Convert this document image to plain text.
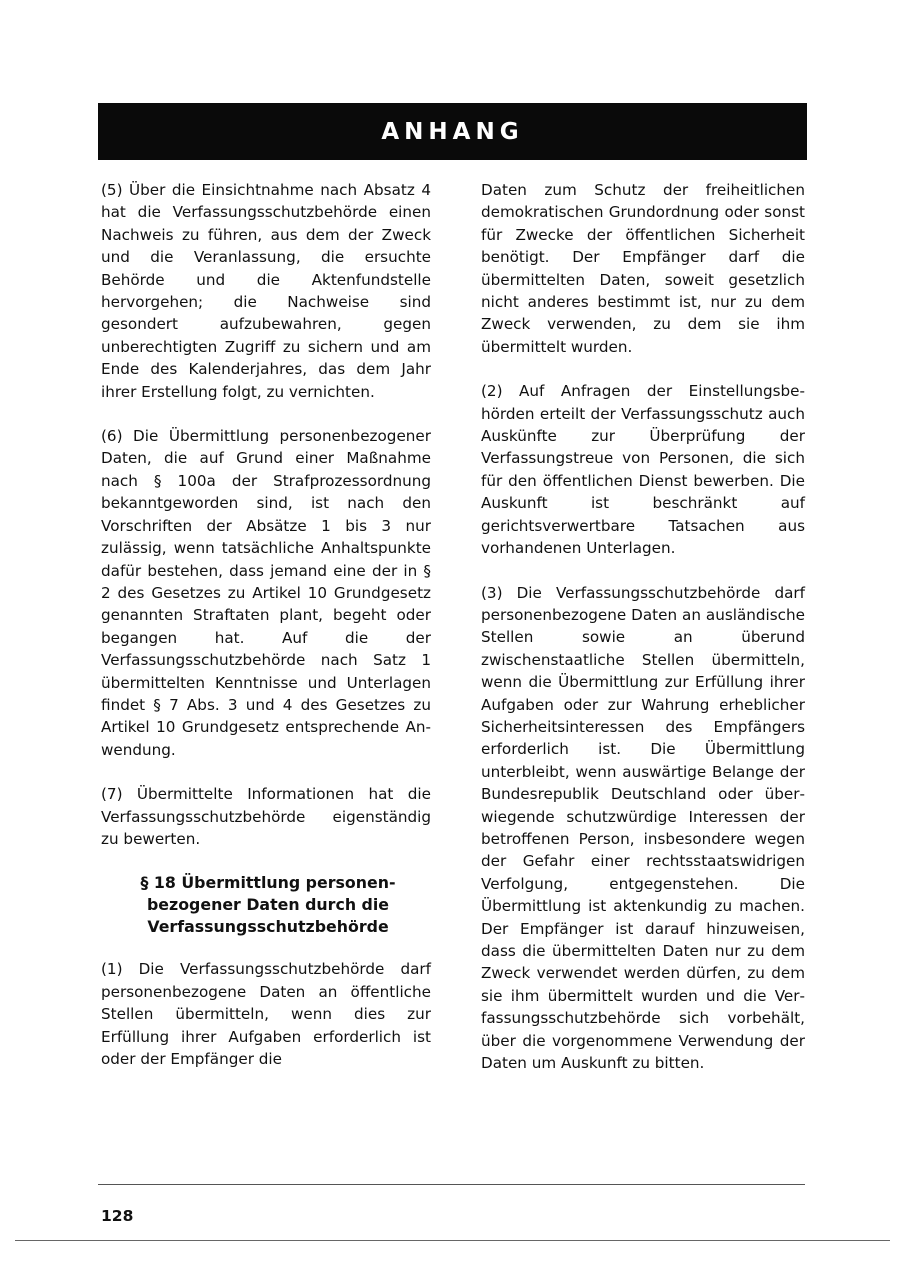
ANHANG

(5) Über die Einsichtnahme nach Absatz 4 hat die Verfassungsschutzbehörde einen Nachweis zu führen, aus dem der Zweck und die Veranlassung, die ersuchte Behörde und die Aktenfundstelle hervorgehen; die Nachweise sind gesondert aufzubewahren, gegen unberechtigten Zugriff zu sichern und am Ende des Kalenderjahres, das dem Jahr ihrer Erstellung folgt, zu vernichten.

(6) Die Übermittlung personenbezogener Daten, die auf Grund einer Maßnahme nach § 100a der Strafprozessordnung bekanntgeworden sind, ist nach den Vorschriften der Absätze 1 bis 3 nur zulässig, wenn tatsächliche Anhaltspunkte dafür bestehen, dass jemand eine der in § 2 des Gesetzes zu Artikel 10 Grundgesetz genannten Straftaten plant, begeht oder begangen hat. Auf die der Verfassungsschutzbehörde nach Satz 1 übermittelten Kenntnisse und Unterlagen findet § 7 Abs. 3 und 4 des Gesetzes zu Artikel 10 Grundgesetz entsprechende Anwendung.

(7) Übermittelte Informationen hat die Verfassungsschutzbehörde eigenständig zu bewerten.

§ 18 Übermittlung personenbezogener Daten durch die Verfassungsschutzbehörde

(1) Die Verfassungsschutzbehörde darf personenbezogene Daten an öffentliche Stellen übermitteln, wenn dies zur Erfüllung ihrer Aufgaben erforderlich ist oder der Empfänger die

Daten zum Schutz der freiheitlichen demokratischen Grundordnung oder sonst für Zwecke der öffentlichen Sicherheit benötigt. Der Empfänger darf die übermittelten Daten, soweit gesetzlich nicht anderes bestimmt ist, nur zu dem Zweck verwenden, zu dem sie ihm übermittelt wurden.

(2) Auf Anfragen der Einstellungsbehörden erteilt der Verfassungsschutz auch Auskünfte zur Überprüfung der Verfassungstreue von Personen, die sich für den öffentlichen Dienst bewerben. Die Auskunft ist beschränkt auf gerichtsverwertbare Tatsachen aus vorhandenen Unterlagen.

(3) Die Verfassungsschutzbehörde darf personenbezogene Daten an ausländische Stellen sowie an überund zwischenstaatliche Stellen übermitteln, wenn die Übermittlung zur Erfüllung ihrer Aufgaben oder zur Wahrung erheblicher Sicherheitsinteressen des Empfängers erforderlich ist. Die Übermittlung unterbleibt, wenn auswärtige Belange der Bundesrepublik Deutschland oder überwiegende schutzwürdige Interessen der betroffenen Person, insbesondere wegen der Gefahr einer rechtsstaatswidrigen Verfolgung, entgegenstehen. Die Übermittlung ist aktenkundig zu machen. Der Empfänger ist darauf hinzuweisen, dass die übermittelten Daten nur zu dem Zweck verwendet werden dürfen, zu dem sie ihm übermittelt wurden und die Verfassungsschutzbehörde sich vorbehält, über die vorgenommene Verwendung der Daten um Auskunft zu bitten.

128
